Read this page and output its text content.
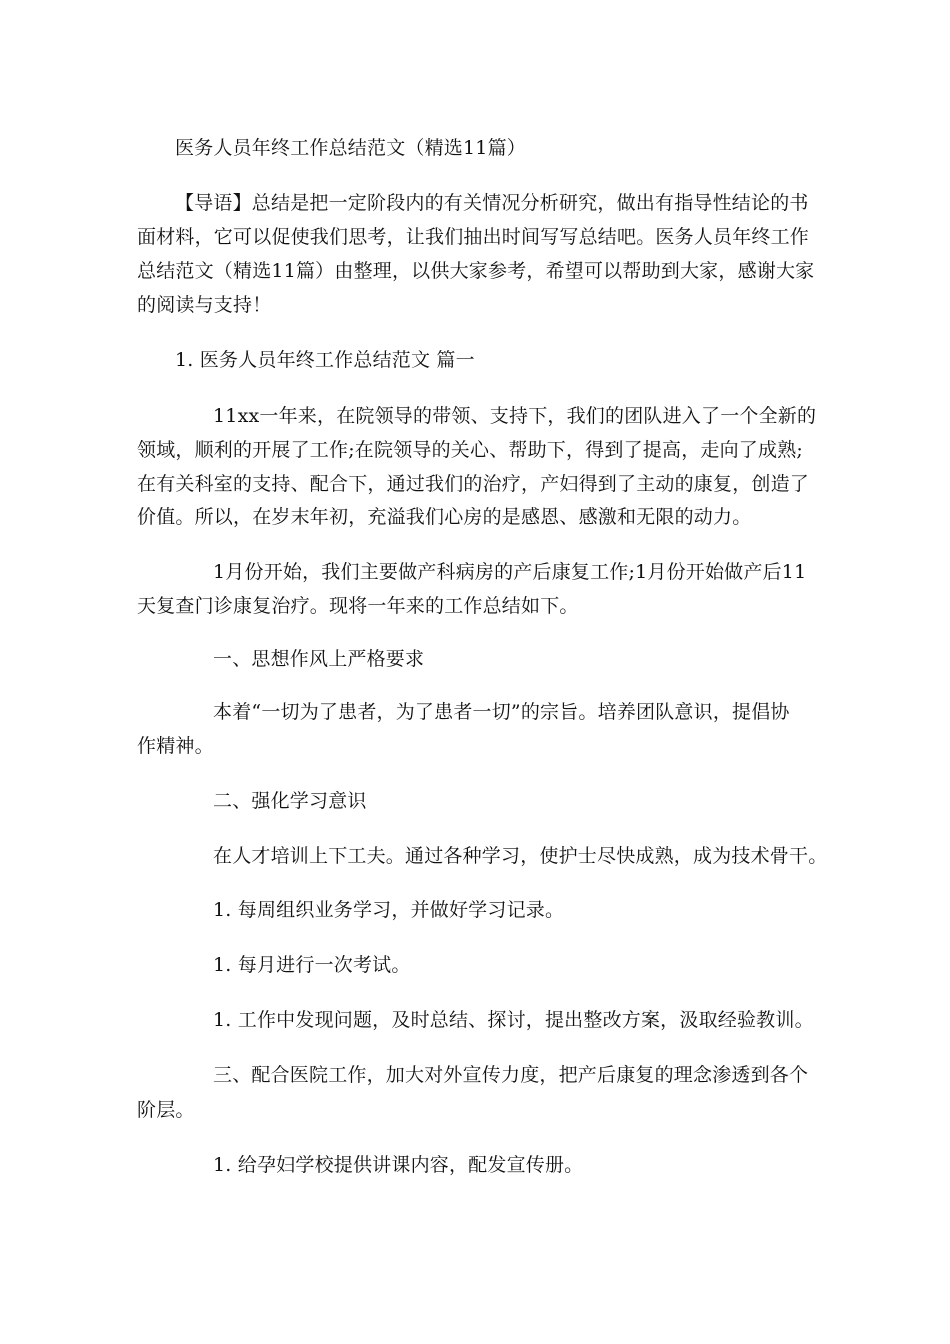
医务人员年终工作总结范文（精选11篇）
【导语】总结是把一定阶段内的有关情况分析研究，做出有指导性结论的书
面材料，它可以促使我们思考，让我们抽出时间写写总结吧。医务人员年终工作
总结范文（精选11篇）由整理，以供大家参考，希望可以帮助到大家，感谢大家
的阅读与支持！
1. 医务人员年终工作总结范文 篇一
11xx一年来，在院领导的带领、支持下，我们的团队进入了一个全新的
领域，顺利的开展了工作;在院领导的关心、帮助下，得到了提高，走向了成熟;
在有关科室的支持、配合下，通过我们的治疗，产妇得到了主动的康复，创造了
价值。所以，在岁末年初，充溢我们心房的是感恩、感激和无限的动力。
1月份开始，我们主要做产科病房的产后康复工作;1月份开始做产后11
天复查门诊康复治疗。现将一年来的工作总结如下。
一、思想作风上严格要求
本着“一切为了患者，为了患者一切”的宗旨。培养团队意识，提倡协
作精神。
二、强化学习意识
在人才培训上下工夫。通过各种学习，使护士尽快成熟，成为技术骨干。
1. 每周组织业务学习，并做好学习记录。
1. 每月进行一次考试。
1. 工作中发现问题，及时总结、探讨，提出整改方案，汲取经验教训。
三、配合医院工作，加大对外宣传力度，把产后康复的理念渗透到各个
阶层。
1. 给孕妇学校提供讲课内容，配发宣传册。
